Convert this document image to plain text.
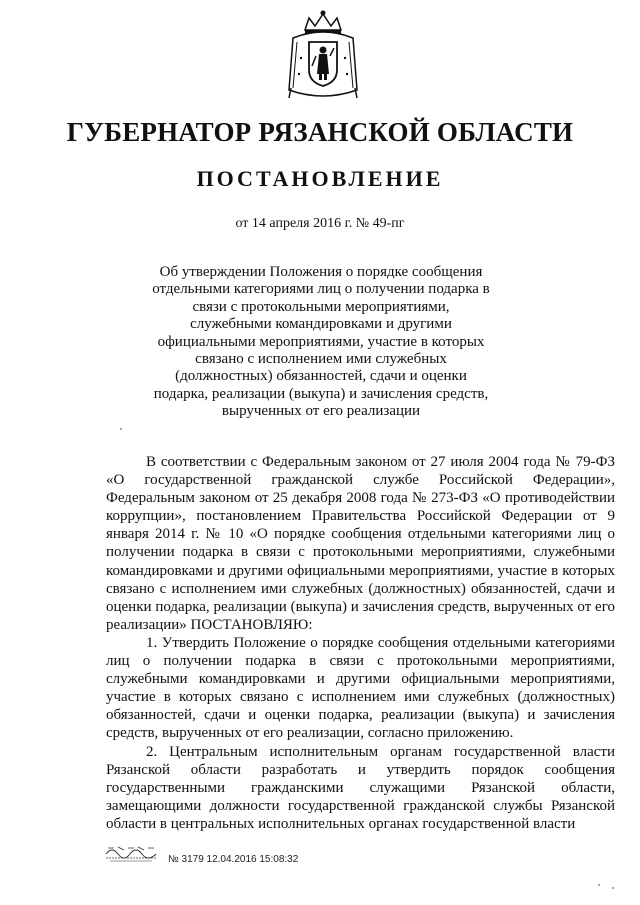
ГУБЕРНАТОР РЯЗАНСКОЙ ОБЛАСТИ
ПОСТАНОВЛЕНИЕ
от 14 апреля 2016 г. № 49-пг
Об утверждении Положения о порядке сообщения отдельными категориями лиц о получении подарка в связи с протокольными мероприятиями, служебными командировками и другими официальными мероприятиями, участие в которых связано с исполнением ими служебных (должностных) обязанностей, сдачи и оценки подарка, реализации (выкупа) и зачисления средств, вырученных от его реализации

В соответствии с Федеральным законом от 27 июля 2004 года № 79-ФЗ «О государственной гражданской службе Российской Федерации», Федеральным законом от 25 декабря 2008 года № 273-ФЗ «О противодействии коррупции», постановлением Правительства Российской Федерации от 9 января 2014 г. № 10 «О порядке сообщения отдельными категориями лиц о получении подарка в связи с протокольными мероприятиями, служебными командировками и другими официальными мероприятиями, участие в которых связано с исполнением ими служебных (должностных) обязанностей, сдачи и оценки подарка, реализации (выкупа) и зачисления средств, вырученных от его реализации» ПОСТАНОВЛЯЮ:

1. Утвердить Положение о порядке сообщения отдельными категориями лиц о получении подарка в связи с протокольными мероприятиями, служебными командировками и другими официальными мероприятиями, участие в которых связано с исполнением ими служебных (должностных) обязанностей, сдачи и оценки подарка, реализации (выкупа) и зачисления средств, вырученных от его реализации, согласно приложению.

2. Центральным исполнительным органам государственной власти Рязанской области разработать и утвердить порядок сообщения государственными гражданскими служащими Рязанской области, замещающими должности государственной гражданской службы Рязанской области в центральных исполнительных органах государственной власти

№ 3179 12.04.2016 15:08:32
